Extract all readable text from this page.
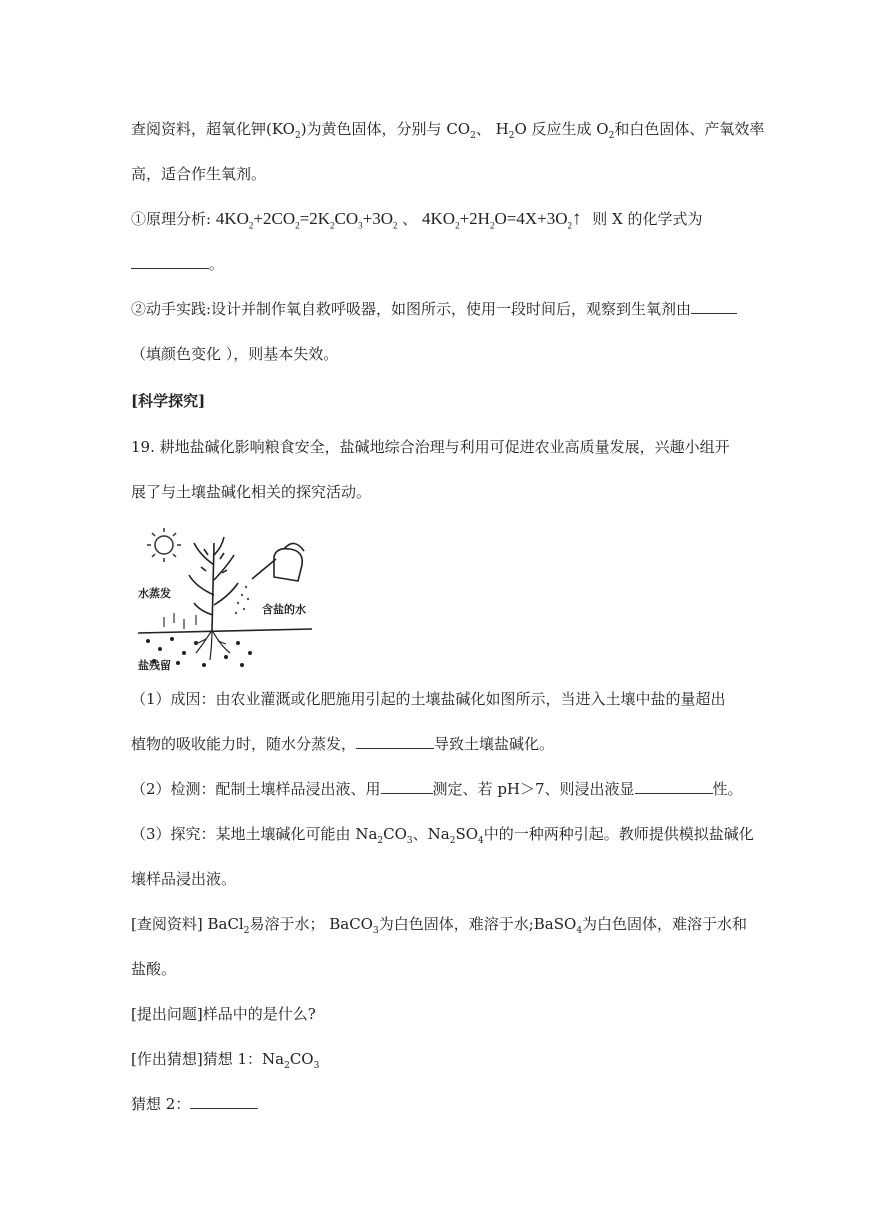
查阅资料，超氧化钾$(KO_2)$为黄色固体，分别与 $CO_2$、 $H_2O$ 反应生成 $O_2$和白色固体、产氧效率
高，适合作生氧剂。
①原理分析: $4KO_2+2CO_2=2K_2CO_3+3O_2$ 、 $4KO_2+2H_2O=4X+3O_2↑$ 则 X 的化学式为
。
②动手实践:设计并制作氧自救呼吸器，如图所示，使用一段时间后，观察到生氧剂由
（填颜色变化 ），则基本失效。
[科学探究]
19. 耕地盐碱化影响粮食安全，盐碱地综合治理与利用可促进农业高质量发展，兴趣小组开
展了与土壤盐碱化相关的探究活动。
水蒸发
含盐的水
盐残留
（1）成因：由农业灌溉或化肥施用引起的土壤盐碱化如图所示，当进入土壤中盐的量超出
植物的吸收能力时，随水分蒸发，	导致土壤盐碱化。
（2）检测：配制土壤样品浸出液、用	测定、若 pH＞7、则浸出液显	性。
（3）探究：某地土壤碱化可能由 $Na_2CO_3$、$Na_2SO_4$中的一种两种引起。教师提供模拟盐碱化
壤样品浸出液。
[查阅资料] BaCl$_2$易溶于水； BaCO$_3$为白色固体，难溶于水;BaSO$_4$为白色固体，难溶于水和
盐酸。
[提出问题]样品中的是什么?
[作出猜想]猜想 1：$Na_2CO_3$
猜想 2：
